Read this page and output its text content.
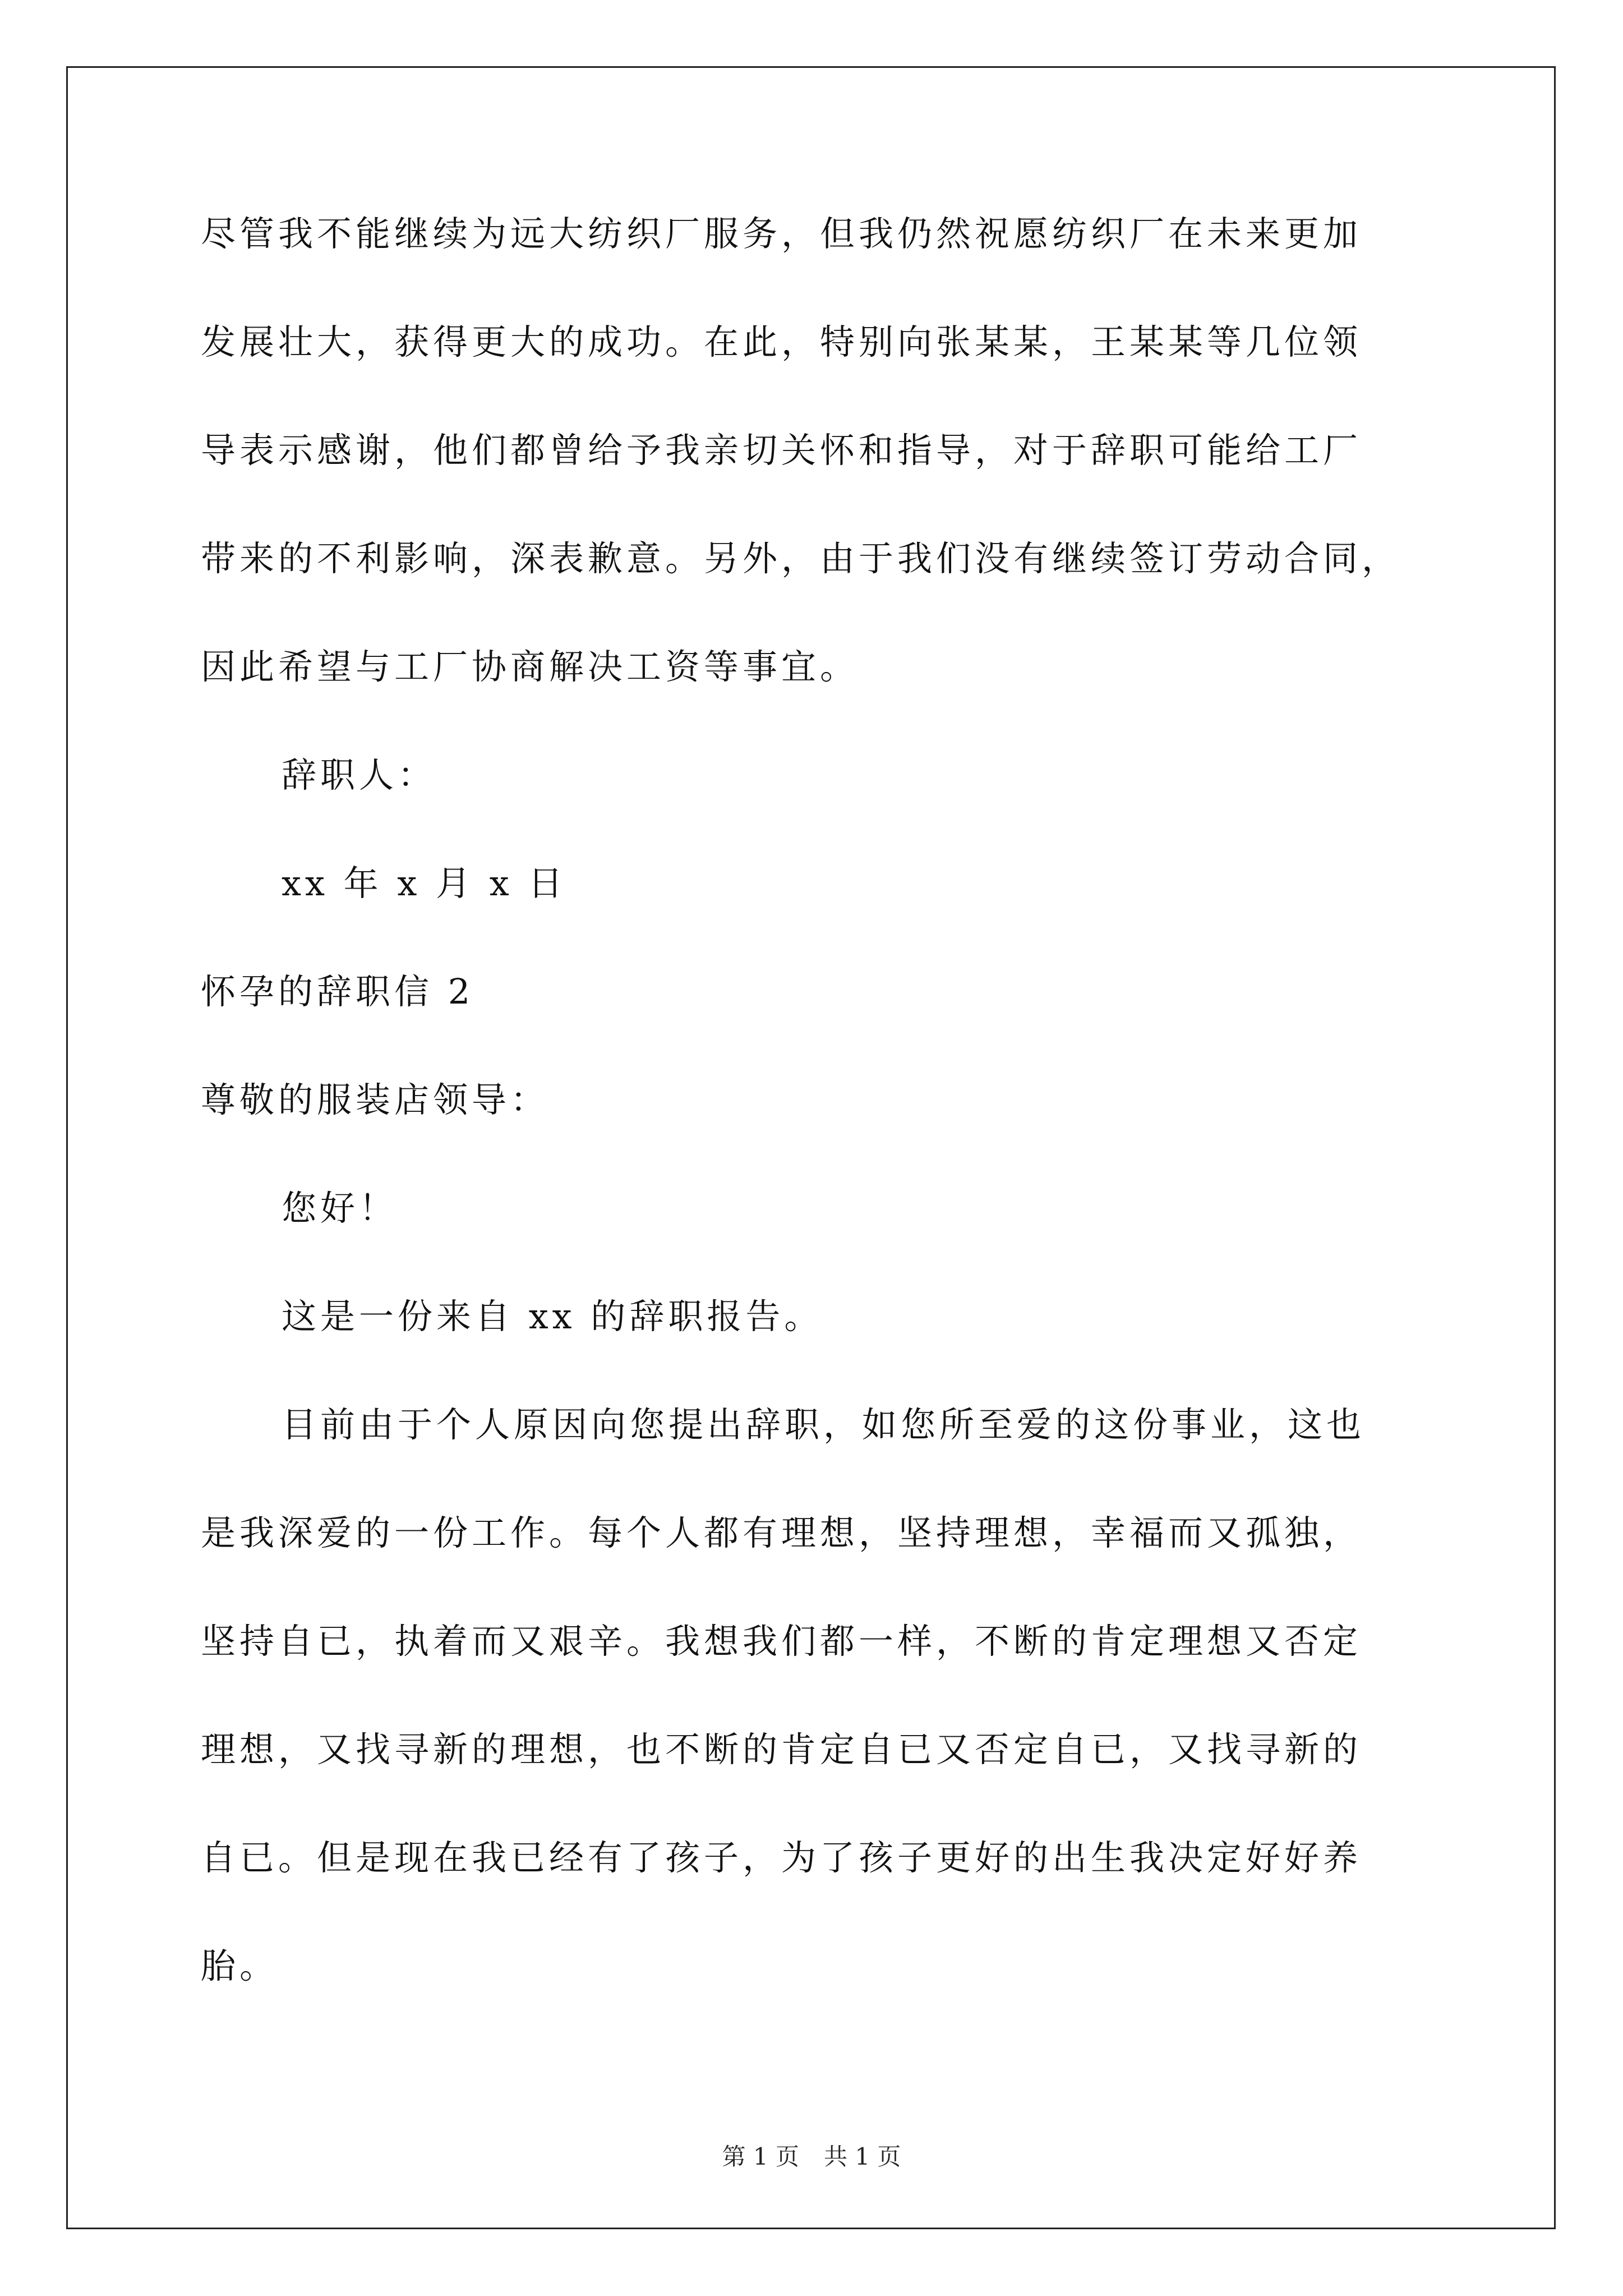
尽管我不能继续为远大纺织厂服务，但我仍然祝愿纺织厂在未来更加
发展壮大，获得更大的成功。在此，特别向张某某，王某某等几位领
导表示感谢，他们都曾给予我亲切关怀和指导，对于辞职可能给工厂
带来的不利影响，深表歉意。另外，由于我们没有继续签订劳动合同，
因此希望与工厂协商解决工资等事宜。
辞职人：
xx 年 x 月 x 日
怀孕的辞职信 2
尊敬的服装店领导：
您好！
这是一份来自 xx 的辞职报告。
目前由于个人原因向您提出辞职，如您所至爱的这份事业，这也
是我深爱的一份工作。每个人都有理想，坚持理想，幸福而又孤独，
坚持自已，执着而又艰辛。我想我们都一样，不断的肯定理想又否定
理想，又找寻新的理想，也不断的肯定自已又否定自已，又找寻新的
自已。但是现在我已经有了孩子，为了孩子更好的出生我决定好好养
胎。
第 1 页 共 1 页
